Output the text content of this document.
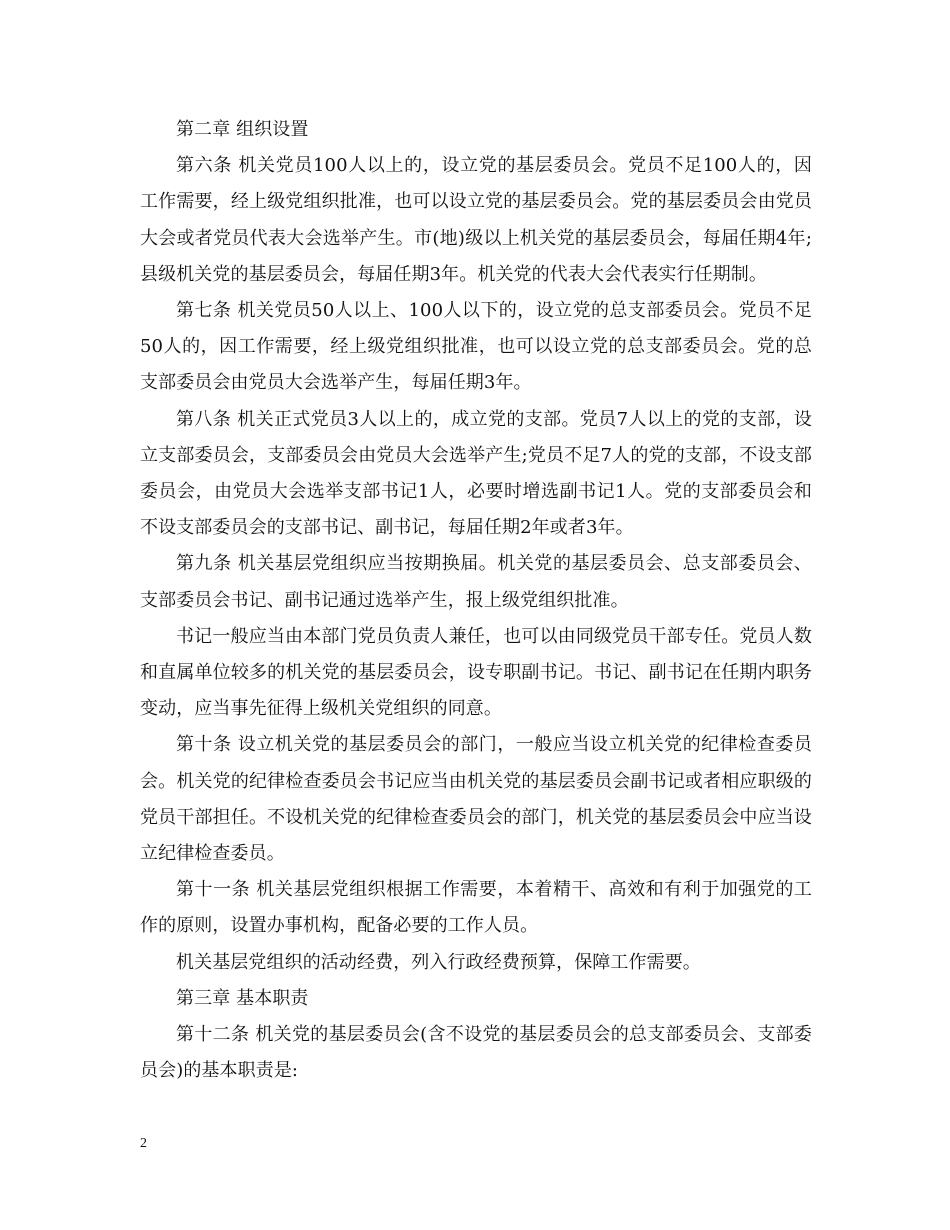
第二章 组织设置

第六条 机关党员100人以上的，设立党的基层委员会。党员不足100人的，因工作需要，经上级党组织批准，也可以设立党的基层委员会。党的基层委员会由党员大会或者党员代表大会选举产生。市(地)级以上机关党的基层委员会，每届任期4年;县级机关党的基层委员会，每届任期3年。机关党的代表大会代表实行任期制。

第七条 机关党员50人以上、100人以下的，设立党的总支部委员会。党员不足50人的，因工作需要，经上级党组织批准，也可以设立党的总支部委员会。党的总支部委员会由党员大会选举产生，每届任期3年。

第八条 机关正式党员3人以上的，成立党的支部。党员7人以上的党的支部，设立支部委员会，支部委员会由党员大会选举产生;党员不足7人的党的支部，不设支部委员会，由党员大会选举支部书记1人，必要时增选副书记1人。党的支部委员会和不设支部委员会的支部书记、副书记，每届任期2年或者3年。

第九条 机关基层党组织应当按期换届。机关党的基层委员会、总支部委员会、支部委员会书记、副书记通过选举产生，报上级党组织批准。

书记一般应当由本部门党员负责人兼任，也可以由同级党员干部专任。党员人数和直属单位较多的机关党的基层委员会，设专职副书记。书记、副书记在任期内职务变动，应当事先征得上级机关党组织的同意。

第十条 设立机关党的基层委员会的部门，一般应当设立机关党的纪律检查委员会。机关党的纪律检查委员会书记应当由机关党的基层委员会副书记或者相应职级的党员干部担任。不设机关党的纪律检查委员会的部门，机关党的基层委员会中应当设立纪律检查委员。

第十一条 机关基层党组织根据工作需要，本着精干、高效和有利于加强党的工作的原则，设置办事机构，配备必要的工作人员。

机关基层党组织的活动经费，列入行政经费预算，保障工作需要。

第三章 基本职责

第十二条 机关党的基层委员会(含不设党的基层委员会的总支部委员会、支部委员会)的基本职责是:

2
